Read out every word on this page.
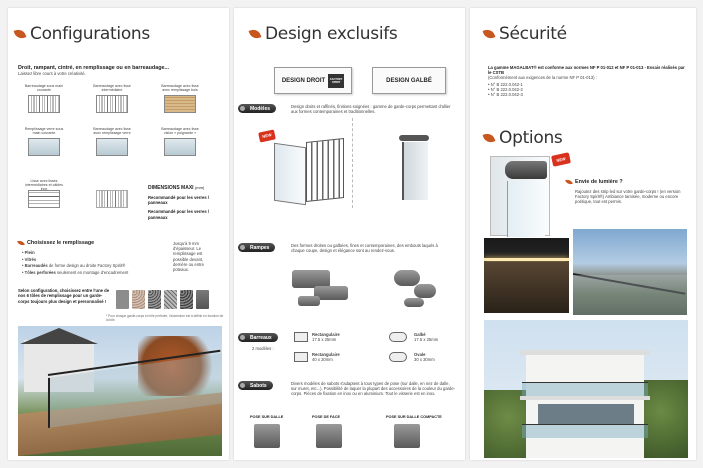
Configurations
Droit, rampant, cintré, en remplissage ou en barreaudage...
Laissez libre cours à votre créativité.
Barreaudage sous main courante
Barreaudage avec lisse intermédiaire
Barreaudage avec lisse avec remplissage bois
Remplissage verre sous main courante
Barreaudage avec lisse avec remplissage verre
Barreaudage avec lisse vision « poignarde »
Lisse avec lisses intermédiaires et câbles	DIMENSIONS MAXI (mm)
Recommandé pour les verres / panneaux
Recommandé pour les verres / panneaux
Choisissez le remplissage
• Plein
• Vitrés
• Barreaudés de forme design au droite Factory Spirit®
• Tôles perforées seulement en montage d'encadrement
Jusqu'à 9 mm d'épaisseur. Le remplissage est possible devant, derrière ou entre poteaux.
Selon configuration, choisissez entre l'une de nos 6 tôles de remplissage pour un garde-corps toujours plus design et personnalisé !
* Pour chaque garde-corps en tôle perforée, l'aluminium est à définir en fonction de la tôle.
Design exclusifs
DESIGN DROIT	FACTORY SPIRIT	DESIGN GALBÉ
Modèles	Design droits et raffinés, finitions soignées : gamme de garde-corps permettant d'allier aux formes contemporaines et traditionnelles.
NEW
Rampes	Des formes droites ou galbées, fines et contemporaines, des embouts laqués à chaque coupe, design et élégance sont au rendez-vous.
Barreaux
2 modèles :
Rectangulaire
17.5 x 25mm
Rectangulaire
40 x 20mm
Galbé
17.5 x 25mm
Ovale
30 x 30mm
Sabots	Divers modèles de sabots s'adaptent à tous types de pose (sur dalle, en nez de dalle, sur muret, etc...). Possibilité de laquer la plupart des accessoires de la couleur du garde-corps. Pièces de fixation en inox ou en aluminium. Tout le visserie est en inox.
POSE SUR DALLE	POSE DE FACE	POSE SUR DALLE COMPACTE
Sécurité
La gamme MAGALBAT® est conforme aux normes NF P 01-012 et NF P 01-013 - Essais réalisés par le CSTB
(Conformément aux exigences de la norme NF P 01-013) :
• N° B 222.0.042-1
• N° B 222.0.042-2
• N° B 222.0.042-3
Options
NEW
Envie de lumière ?
Rajoutez des strip led sur votre garde-corps ! (en version Factory Spirit®) Ambiance tamisée, moderne ou encore poétique, tout est permis.
